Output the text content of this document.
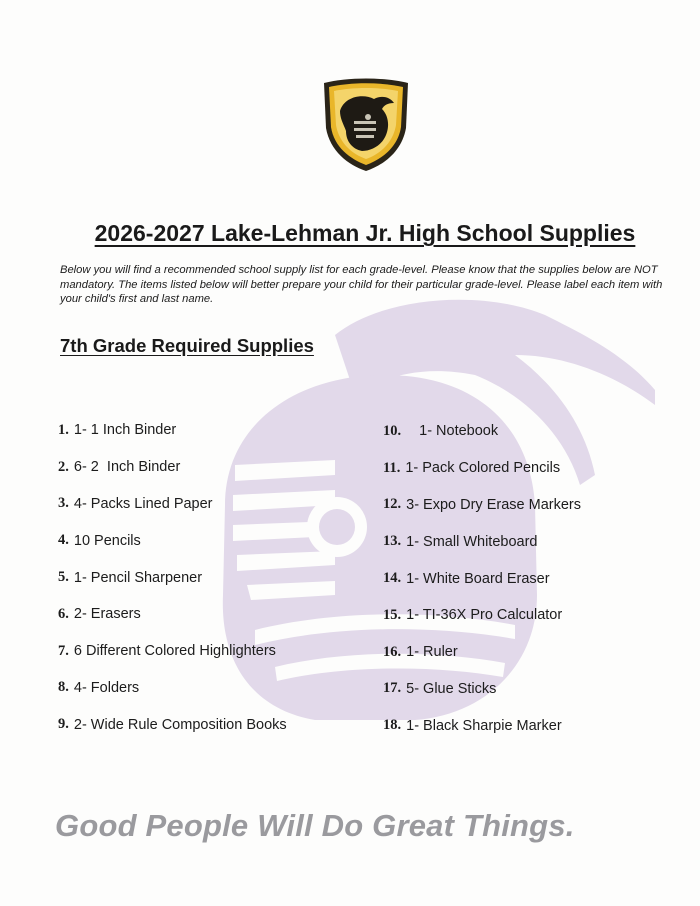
2026-2027 Lake-Lehman Jr. High School Supplies
Below you will find a recommended school supply list for each grade-level. Please know that the supplies below are NOT mandatory. The items listed below will better prepare your child for their particular grade-level. Please label each item with your child's first and last name.
7th Grade Required Supplies
1. 1- 1 Inch Binder
2. 6- 2  Inch Binder
3. 4- Packs Lined Paper
4. 10 Pencils
5. 1- Pencil Sharpener
6. 2- Erasers
7. 6 Different Colored Highlighters
8. 4- Folders
9. 2- Wide Rule Composition Books
10. 1- Notebook
11. 1- Pack Colored Pencils
12. 3- Expo Dry Erase Markers
13. 1- Small Whiteboard
14. 1- White Board Eraser
15. 1- TI-36X Pro Calculator
16. 1- Ruler
17. 5- Glue Sticks
18. 1- Black Sharpie Marker
Good People Will Do Great Things.
